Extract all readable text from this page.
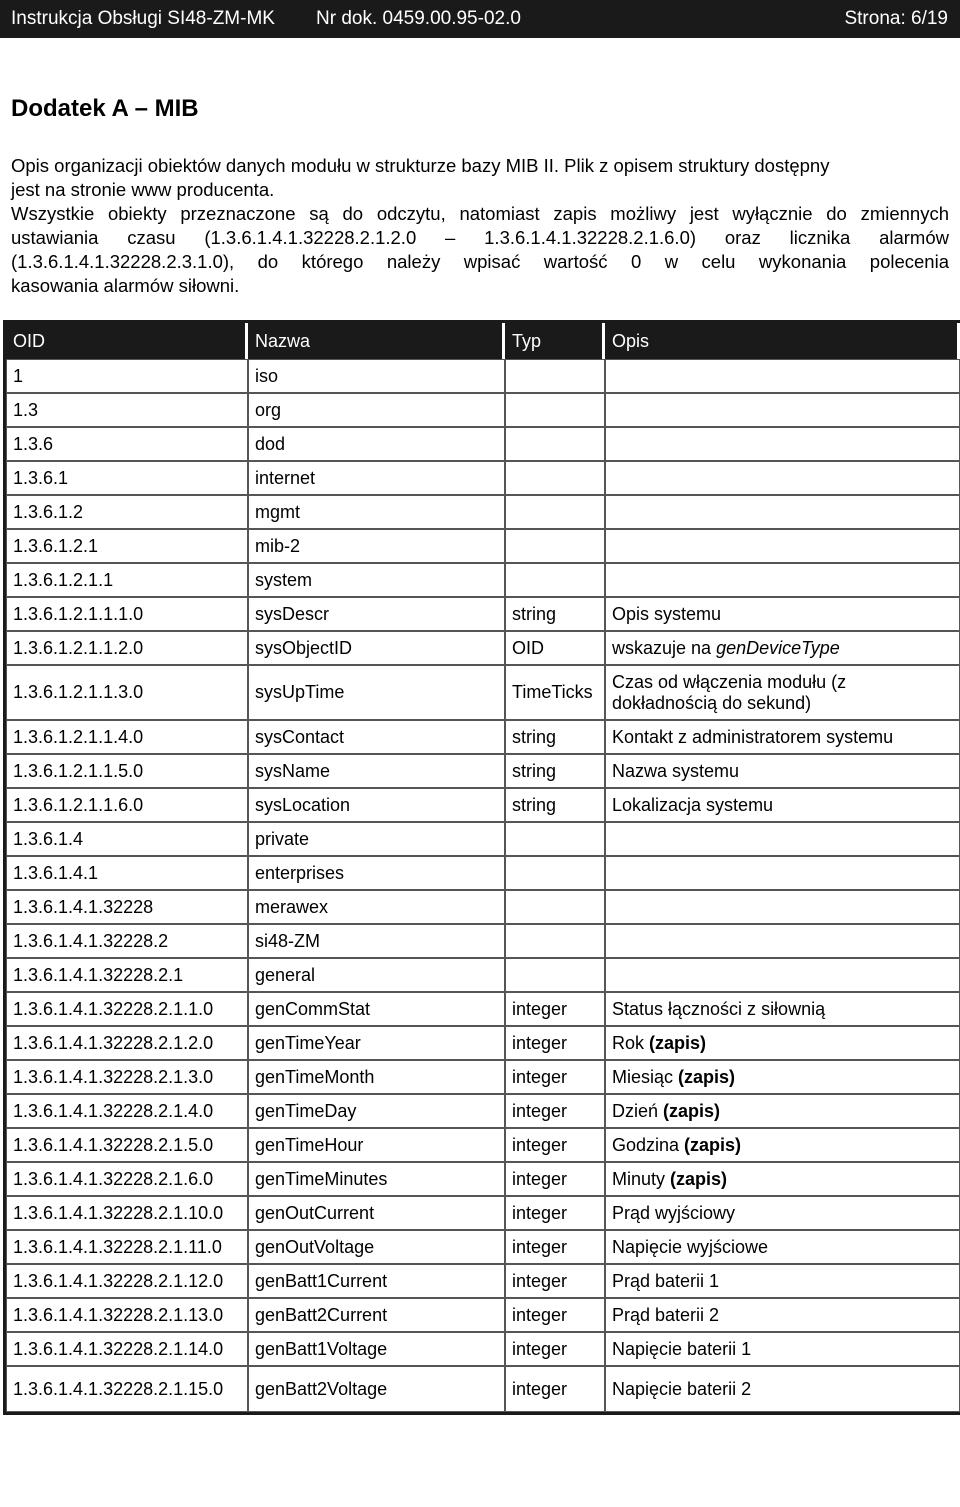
Instrukcja Obsługi SI48-ZM-MK Nr dok. 0459.00.95-02.0	Strona: 6/19
Dodatek A – MIB

Opis organizacji obiektów danych modułu w strukturze bazy MIB II. Plik z opisem struktury dostępny

jest na stronie www producenta.

Wszystkie obiekty przeznaczone są do odczytu, natomiast zapis możliwy jest wyłącznie do zmiennych

ustawiania czasu (1.3.6.1.4.1.32228.2.1.2.0 – 1.3.6.1.4.1.32228.2.1.6.0) oraz licznika alarmów

(1.3.6.1.4.1.32228.2.3.1.0), do którego należy wpisać wartość 0 w celu wykonania polecenia

kasowania alarmów siłowni.

OID	Nazwa	Typ	Opis
1	iso		
1.3	org		
1.3.6	dod		
1.3.6.1	internet		
1.3.6.1.2	mgmt		
1.3.6.1.2.1	mib-2		
1.3.6.1.2.1.1	system		
1.3.6.1.2.1.1.1.0	sysDescr	string	Opis systemu
1.3.6.1.2.1.1.2.0	sysObjectID	OID	wskazuje na genDeviceType
1.3.6.1.2.1.1.3.0	sysUpTime	TimeTicks	Czas od włączenia modułu (z dokładnością do sekund)
1.3.6.1.2.1.1.4.0	sysContact	string	Kontakt z administratorem systemu
1.3.6.1.2.1.1.5.0	sysName	string	Nazwa systemu
1.3.6.1.2.1.1.6.0	sysLocation	string	Lokalizacja systemu
1.3.6.1.4	private		
1.3.6.1.4.1	enterprises		
1.3.6.1.4.1.32228	merawex		
1.3.6.1.4.1.32228.2	si48-ZM		
1.3.6.1.4.1.32228.2.1	general		
1.3.6.1.4.1.32228.2.1.1.0	genCommStat	integer	Status łączności z siłownią
1.3.6.1.4.1.32228.2.1.2.0	genTimeYear	integer	Rok (zapis)
1.3.6.1.4.1.32228.2.1.3.0	genTimeMonth	integer	Miesiąc (zapis)
1.3.6.1.4.1.32228.2.1.4.0	genTimeDay	integer	Dzień (zapis)
1.3.6.1.4.1.32228.2.1.5.0	genTimeHour	integer	Godzina (zapis)
1.3.6.1.4.1.32228.2.1.6.0	genTimeMinutes	integer	Minuty (zapis)
1.3.6.1.4.1.32228.2.1.10.0	genOutCurrent	integer	Prąd wyjściowy
1.3.6.1.4.1.32228.2.1.11.0	genOutVoltage	integer	Napięcie wyjściowe
1.3.6.1.4.1.32228.2.1.12.0	genBatt1Current	integer	Prąd baterii 1
1.3.6.1.4.1.32228.2.1.13.0	genBatt2Current	integer	Prąd baterii 2
1.3.6.1.4.1.32228.2.1.14.0	genBatt1Voltage	integer	Napięcie baterii 1
1.3.6.1.4.1.32228.2.1.15.0	genBatt2Voltage	integer	Napięcie baterii 2
